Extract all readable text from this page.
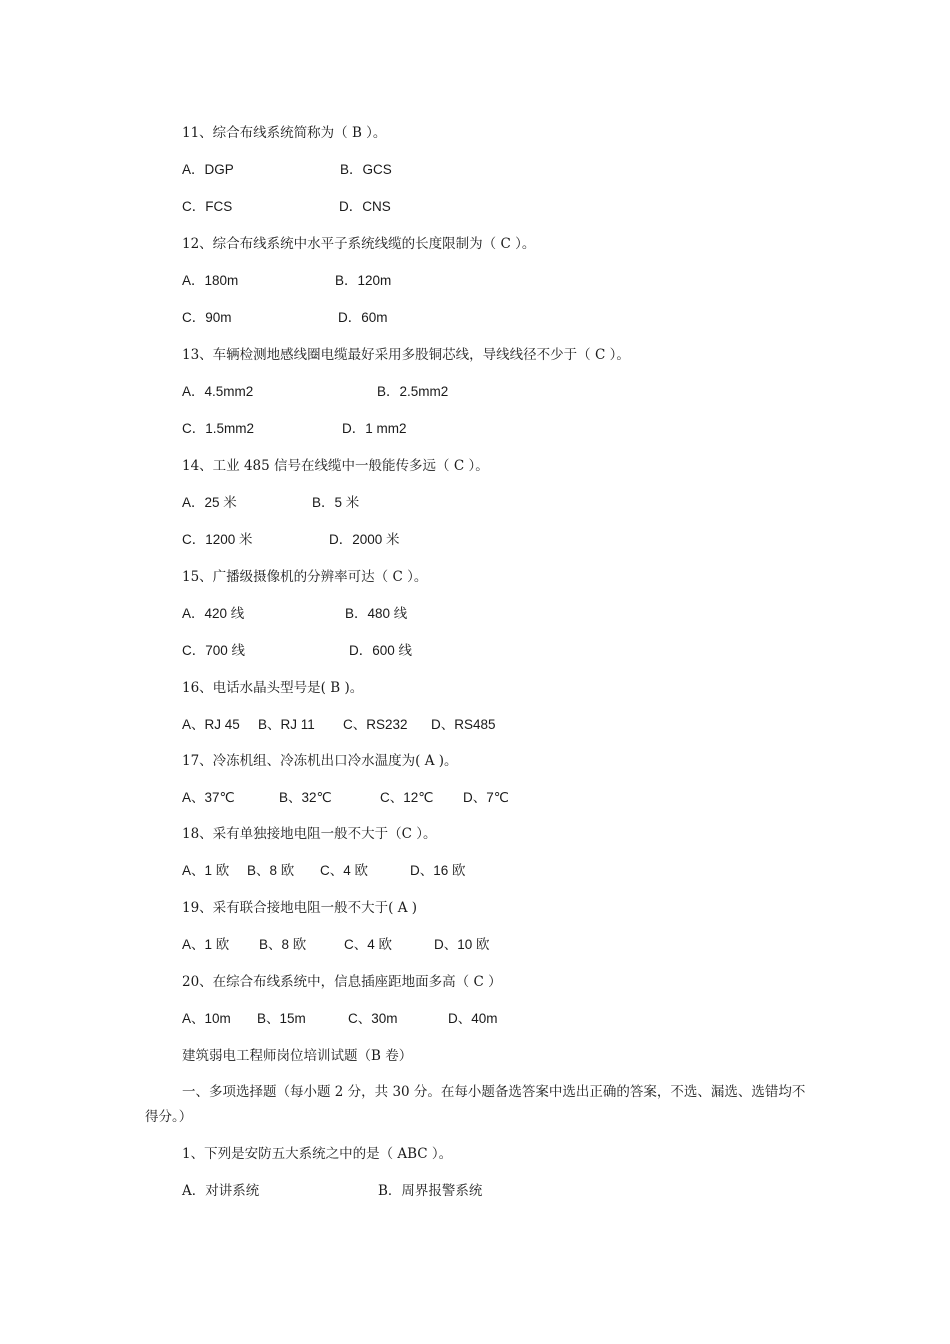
11、综合布线系统简称为（ B ）。
A．DGP	B．GCS
C．FCS	D．CNS
12、综合布线系统中水平子系统线缆的长度限制为（ C ）。
A．180m	B．120m
C．90m	D．60m
13、车辆检测地感线圈电缆最好采用多股铜芯线，导线线径不少于（ C ）。
A．4.5mm2	B．2.5mm2
C．1.5mm2	D．1 mm2
14、工业 485 信号在线缆中一般能传多远（ C ）。
A．25 米	B．5 米
C．1200 米	D．2000 米
15、广播级摄像机的分辨率可达（ C ）。
A．420 线	B．480 线
C．700 线	D．600 线
16、电话水晶头型号是( B )。
A、RJ 45 B、RJ 11 C、RS232 D、RS485
17、冷冻机组、冷冻机出口冷水温度为( A )。
A、37℃	B、32℃	C、12℃ D、7℃
18、采有单独接地电阻一般不大于（C ）。
A、1 欧 B、8 欧 C、4 欧	D、16 欧
19、采有联合接地电阻一般不大于( A )
A、1 欧 B、8 欧	C、4 欧	D、10 欧
20、在综合布线系统中，信息插座距地面多高（ C ）
A、10m B、15m	C、30m	D、40m
建筑弱电工程师岗位培训试题（B 卷）
一、多项选择题（每小题 2 分，共 30 分。在每小题备选答案中选出正确的答案，不选、漏选、选错均不得分。）
1、下列是安防五大系统之中的是（ ABC ）。
A．对讲系统	B．周界报警系统
